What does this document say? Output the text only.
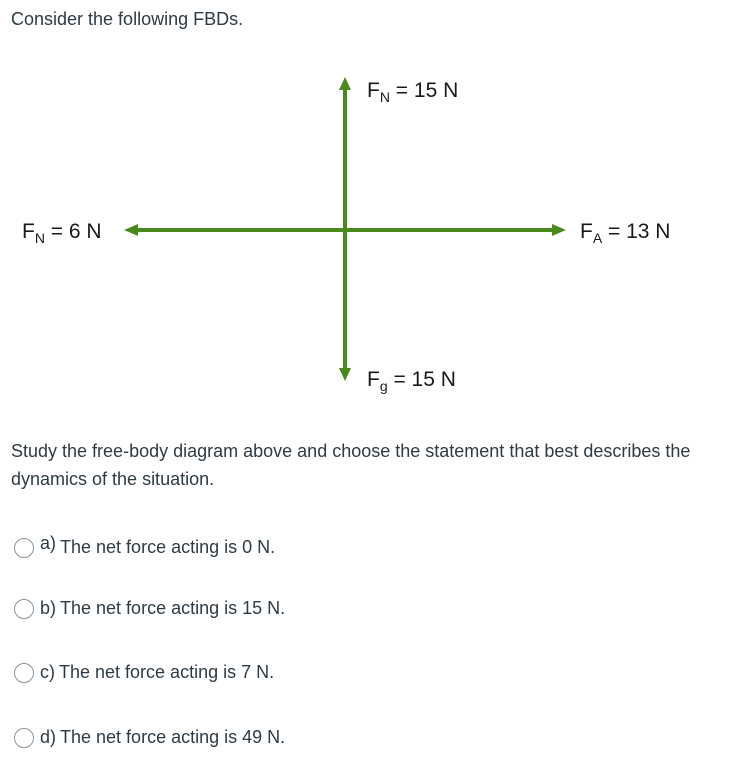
Consider the following FBDs.
$F_N = 15$ N
$F_N = 6$ N	$F_A = 13$ N
$F_g = 15$ N
Study the free-body diagram above and choose the statement that best describes the dynamics of the situation.
a) The net force acting is 0 N.
b) The net force acting is 15 N.
c) The net force acting is 7 N.
d) The net force acting is 49 N.
